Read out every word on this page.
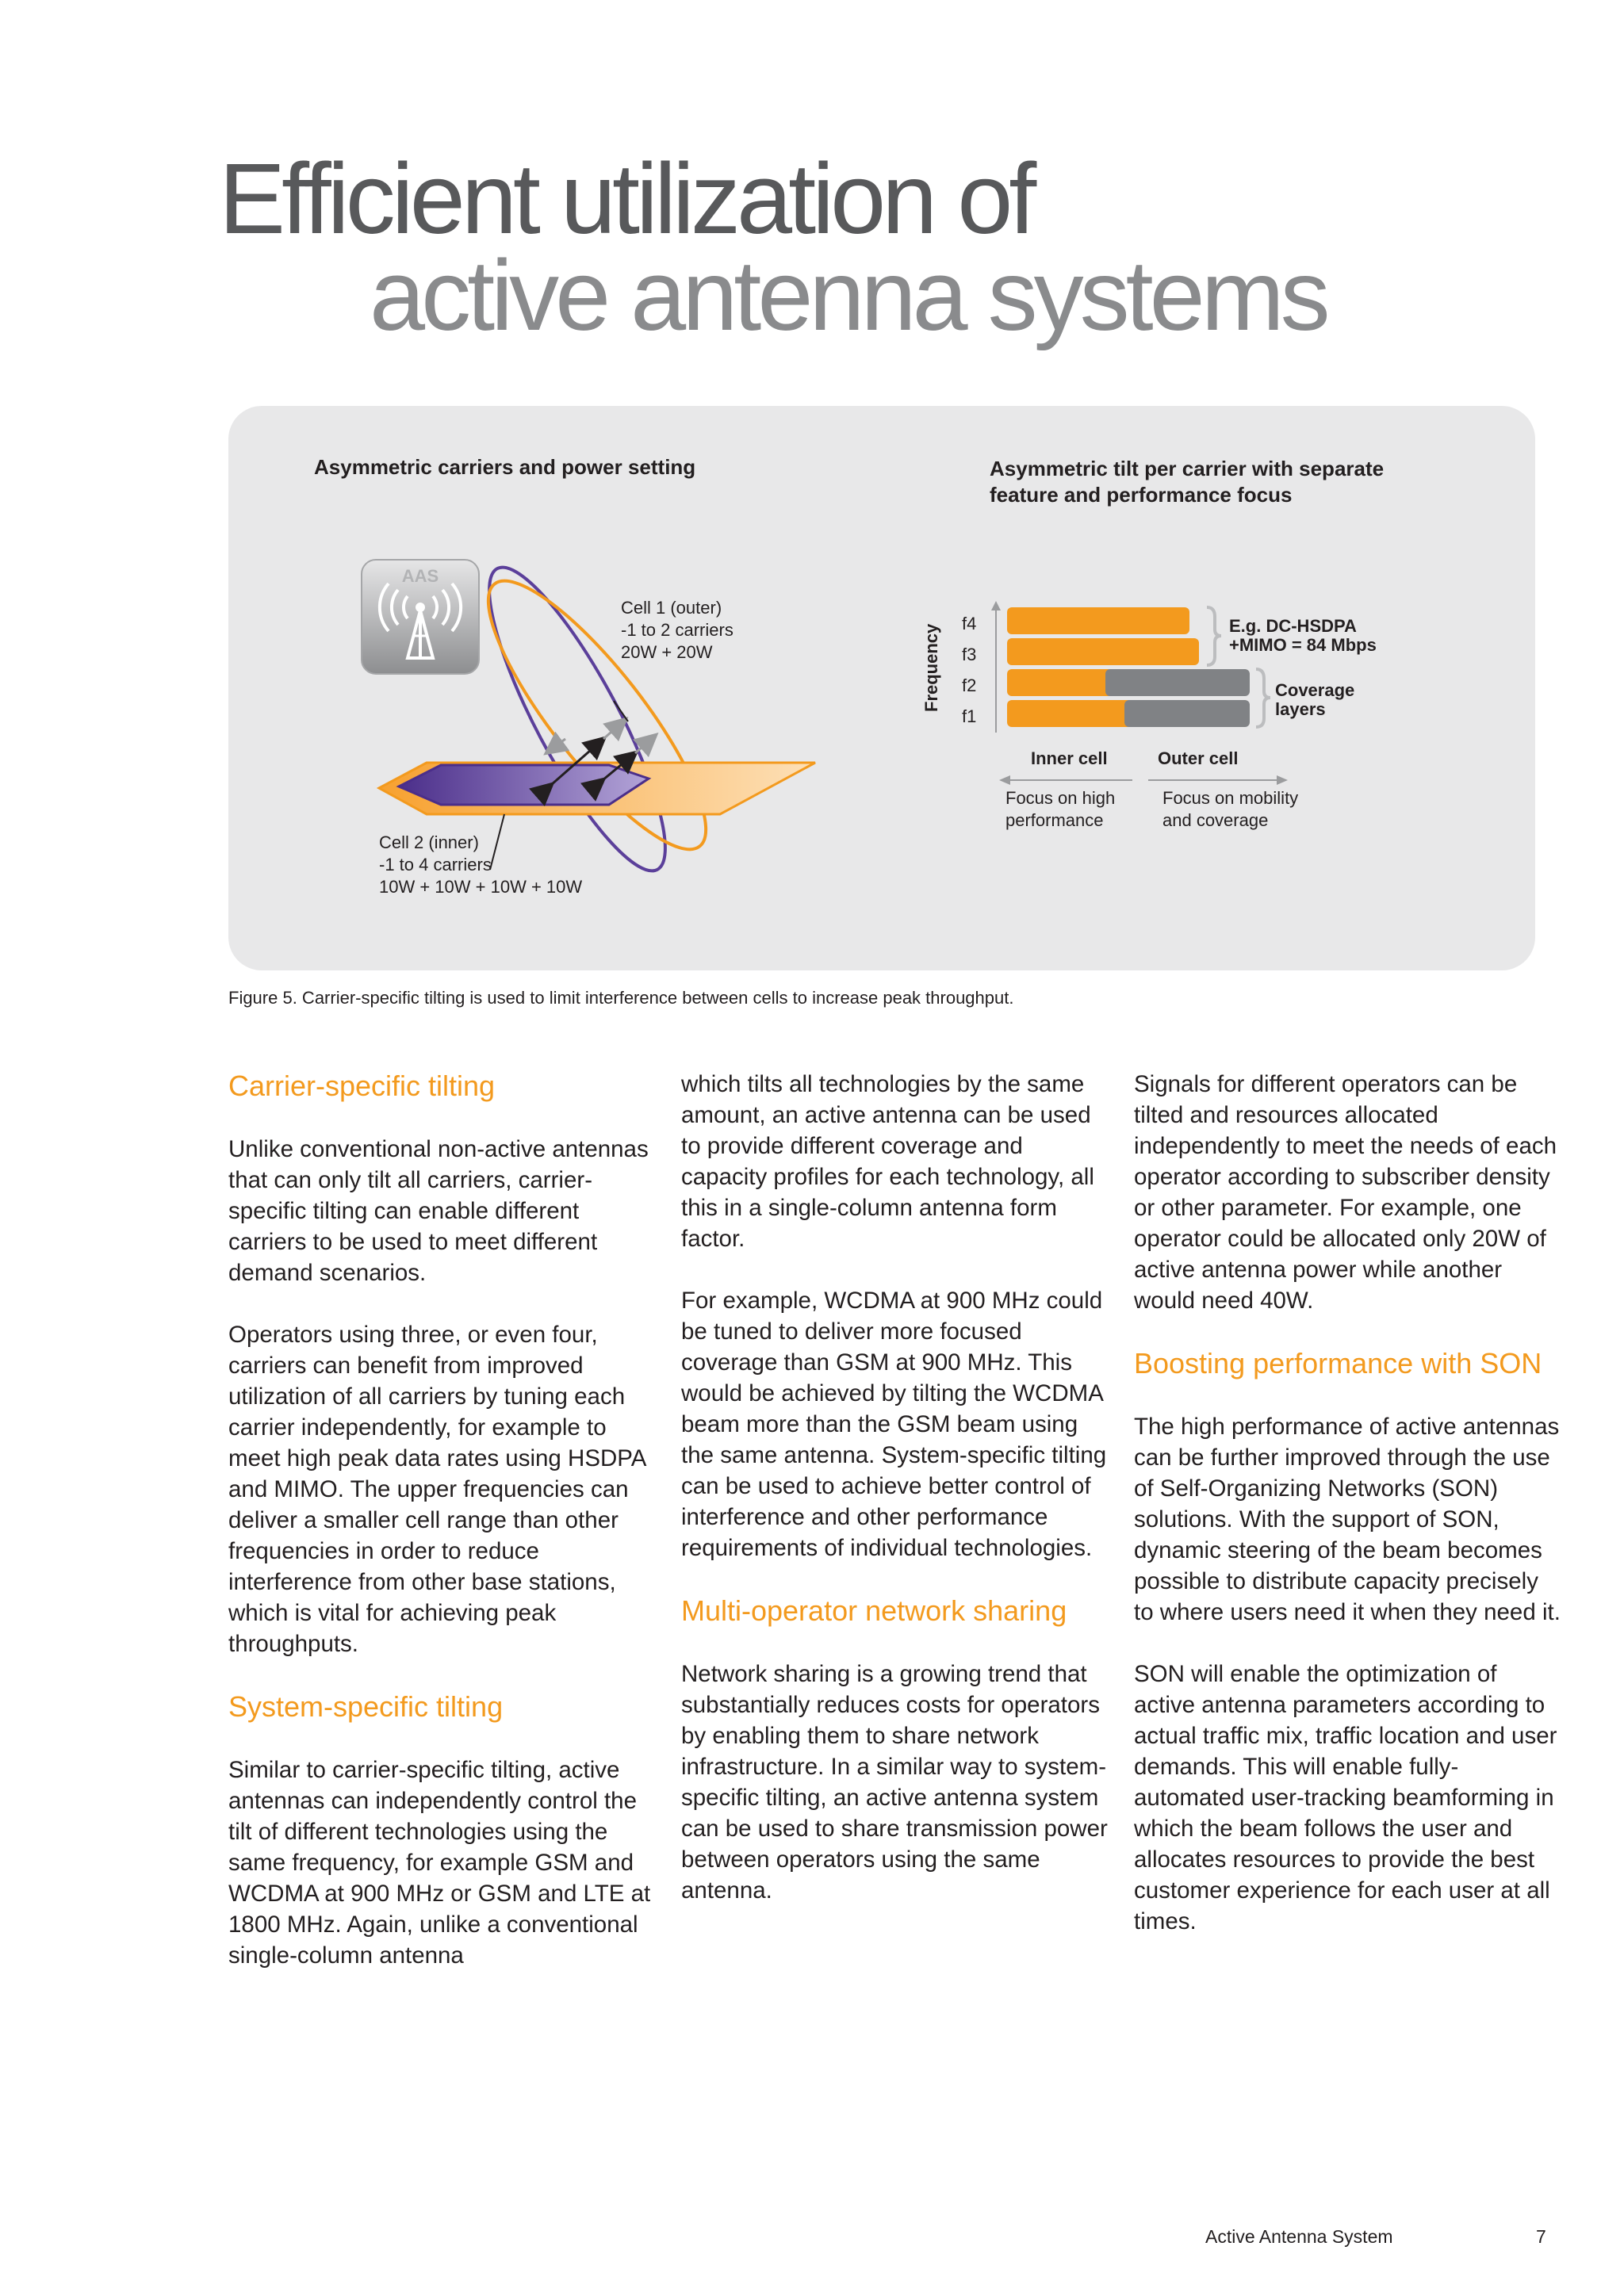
Efficient utilization of
active antenna systems
Asymmetric carriers and power setting
AAS
Cell 1 (outer)
-1 to 2 carriers
20W + 20W
Cell 2 (inner)
-1 to 4 carriers
10W + 10W + 10W + 10W
Asymmetric tilt per carrier with separate
feature and performance focus
Frequency
f4
f3
f2
f1
E.g. DC-HSDPA
+MIMO = 84 Mbps
Coverage
layers
Inner cell	Outer cell
Focus on high
performance
Focus on mobility
and coverage
Figure 5. Carrier-specific tilting is used to limit interference between cells to increase peak throughput.
Carrier-specific tilting

Unlike conventional non-active antennas that can only tilt all carriers, carrier-specific tilting can enable different carriers to be used to meet different demand scenarios.

Operators using three, or even four, carriers can benefit from improved utilization of all carriers by tuning each carrier independently, for example to meet high peak data rates using HSDPA and MIMO. The upper frequencies can deliver a smaller cell range than other frequencies in order to reduce interference from other base stations, which is vital for achieving peak throughputs.

System-specific tilting

Similar to carrier-specific tilting, active antennas can independently control the tilt of different technologies using the same frequency, for example GSM and WCDMA at 900 MHz or GSM and LTE at 1800 MHz. Again, unlike a conventional single-column antenna

which tilts all technologies by the same amount, an active antenna can be used to provide different coverage and capacity profiles for each technology, all this in a single-column antenna form factor.

For example, WCDMA at 900 MHz could be tuned to deliver more focused coverage than GSM at 900 MHz. This would be achieved by tilting the WCDMA beam more than the GSM beam using the same antenna. System-specific tilting can be used to achieve better control of interference and other performance requirements of individual technologies.

Multi-operator network sharing

Network sharing is a growing trend that substantially reduces costs for operators by enabling them to share network infrastructure. In a similar way to system-specific tilting, an active antenna system can be used to share transmission power between operators using the same antenna.

Signals for different operators can be tilted and resources allocated independently to meet the needs of each operator according to subscriber density or other parameter. For example, one operator could be allocated only 20W of active antenna power while another would need 40W.

Boosting performance with SON

The high performance of active antennas can be further improved through the use of Self-Organizing Networks (SON) solutions. With the support of SON, dynamic steering of the beam becomes possible to distribute capacity precisely to where users need it when they need it.

SON will enable the optimization of active antenna parameters according to actual traffic mix, traffic location and user demands. This will enable fully-automated user-tracking beamforming in which the beam follows the user and allocates resources to provide the best customer experience for each user at all times.

Active Antenna System	7
